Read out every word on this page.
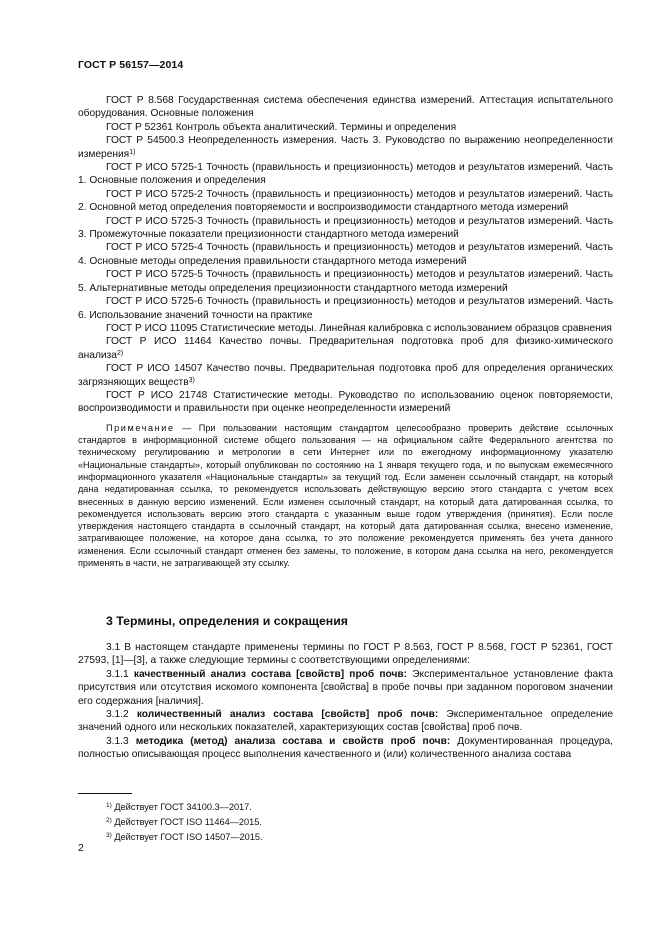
ГОСТ Р 56157—2014

ГОСТ Р 8.568 Государственная система обеспечения единства измерений. Аттестация испытательного оборудования. Основные положения

ГОСТ Р 52361 Контроль объекта аналитический. Термины и определения

ГОСТ Р 54500.3 Неопределенность измерения. Часть 3. Руководство по выражению неопределенности измерения$^{1)}$

ГОСТ Р ИСО 5725-1 Точность (правильность и прецизионность) методов и результатов измерений. Часть 1. Основные положения и определения

ГОСТ Р ИСО 5725-2 Точность (правильность и прецизионность) методов и результатов измерений. Часть 2. Основной метод определения повторяемости и воспроизводимости стандартного метода измерений

ГОСТ Р ИСО 5725-3 Точность (правильность и прецизионность) методов и результатов измерений. Часть 3. Промежуточные показатели прецизионности стандартного метода измерений

ГОСТ Р ИСО 5725-4 Точность (правильность и прецизионность) методов и результатов измерений. Часть 4. Основные методы определения правильности стандартного метода измерений

ГОСТ Р ИСО 5725-5 Точность (правильность и прецизионность) методов и результатов измерений. Часть 5. Альтернативные методы определения прецизионности стандартного метода измерений

ГОСТ Р ИСО 5725-6 Точность (правильность и прецизионность) методов и результатов измерений. Часть 6. Использование значений точности на практике

ГОСТ Р ИСО 11095 Статистические методы. Линейная калибровка с использованием образцов сравнения

ГОСТ Р ИСО 11464 Качество почвы. Предварительная подготовка проб для физико-химического анализа$^{2)}$

ГОСТ Р ИСО 14507 Качество почвы. Предварительная подготовка проб для определения органических загрязняющих веществ$^{3)}$

ГОСТ Р ИСО 21748 Статистические методы. Руководство по использованию оценок повторяемости, воспроизводимости и правильности при оценке неопределенности измерений

Примечание — При пользовании настоящим стандартом целесообразно проверить действие ссылочных стандартов в информационной системе общего пользования — на официальном сайте Федерального агентства по техническому регулированию и метрологии в сети Интернет или по ежегодному информационному указателю «Национальные стандарты», который опубликован по состоянию на 1 января текущего года, и по выпускам ежемесячного информационного указателя «Национальные стандарты» за текущий год. Если заменен ссылочный стандарт, на который дана недатированная ссылка, то рекомендуется использовать действующую версию этого стандарта с учетом всех внесенных в данную версию изменений. Если изменен ссылочный стандарт, на который дата датированная ссылка, то рекомендуется использовать версию этого стандарта с указанным выше годом утверждения (принятия). Если после утверждения настоящего стандарта в ссылочный стандарт, на который дата датированная ссылка, внесено изменение, затрагивающее положение, на которое дана ссылка, то это положение рекомендуется применять без учета данного изменения. Если ссылочный стандарт отменен без замены, то положение, в котором дана ссылка на него, рекомендуется применять в части, не затрагивающей эту ссылку.

3 Термины, определения и сокращения

3.1 В настоящем стандарте применены термины по ГОСТ Р 8.563, ГОСТ Р 8.568, ГОСТ Р 52361, ГОСТ 27593, [1]—[3], а также следующие термины с соответствующими определениями:

3.1.1 качественный анализ состава [свойств] проб почв: Экспериментальное установление факта присутствия или отсутствия искомого компонента [свойства] в пробе почвы при заданном пороговом значении его содержания [наличия].

3.1.2 количественный анализ состава [свойств] проб почв: Экспериментальное определение значений одного или нескольких показателей, характеризующих состав [свойства] проб почв.

3.1.3 методика (метод) анализа состава и свойств проб почв: Документированная процедура, полностью описывающая процесс выполнения качественного и (или) количественного анализа состава

$^{1)}$ Действует ГОСТ 34100.3—2017.
$^{2)}$ Действует ГОСТ ISO 11464—2015.
$^{3)}$ Действует ГОСТ ISO 14507—2015.
2
